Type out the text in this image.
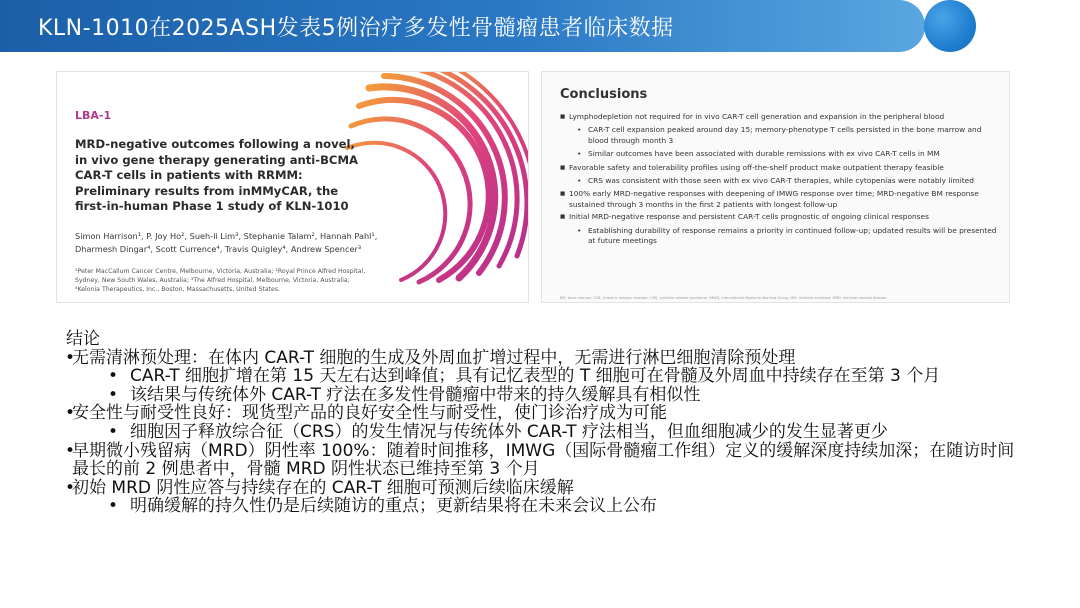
KLN-1010在2025ASH发表5例治疗多发性骨髓瘤患者临床数据
LBA-1
MRD-negative outcomes following a novel,
in vivo gene therapy generating anti-BCMA
CAR-T cells in patients with RRMM:
Preliminary results from inMMyCAR, the
first-in-human Phase 1 study of KLN-1010
Simon Harrison¹, P. Joy Ho², Sueh-li Lim³, Stephanie Talam², Hannah Pahl¹,
Dharmesh Dingar⁴, Scott Currence⁴, Travis Quigley⁴, Andrew Spencer³
¹Peter MacCallum Cancer Centre, Melbourne, Victoria, Australia; ²Royal Prince Alfred Hospital,
Sydney, New South Wales, Australia; ³The Alfred Hospital, Melbourne, Victoria, Australia;
⁴Kelonia Therapeutics, Inc., Boston, Massachusetts, United States.
Conclusions
■ Lymphodepletion not required for in vivo CAR-T cell generation and expansion in the peripheral blood
• CAR-T cell expansion peaked around day 15; memory-phenotype T cells persisted in the bone marrow and blood through month 3
• Similar outcomes have been associated with durable remissions with ex vivo CAR-T cells in MM
■ Favorable safety and tolerability profiles using off-the-shelf product make outpatient therapy feasible
• CRS was consistent with those seen with ex vivo CAR-T therapies, while cytopenias were notably limited
■ 100% early MRD-negative responses with deepening of IMWG response over time; MRD-negative BM response sustained through 3 months in the first 2 patients with longest follow-up
■ Initial MRD-negative response and persistent CAR-T cells prognostic of ongoing clinical responses
• Establishing durability of response remains a priority in continued follow-up; updated results will be presented at future meetings
BM, bone marrow; CAR, chimeric antigen receptor; CRS, cytokine release syndrome; IMWG, International Myeloma Working Group; MM, multiple myeloma; MRD, minimal residual disease.
结论
• 无需清淋预处理：在体内 CAR-T 细胞的生成及外周血扩增过程中，无需进行淋巴细胞清除预处理
• CAR-T 细胞扩增在第 15 天左右达到峰值；具有记忆表型的 T 细胞可在骨髓及外周血中持续存在至第 3 个月
• 该结果与传统体外 CAR-T 疗法在多发性骨髓瘤中带来的持久缓解具有相似性
• 安全性与耐受性良好：现货型产品的良好安全性与耐受性，使门诊治疗成为可能
• 细胞因子释放综合征（CRS）的发生情况与传统体外 CAR-T 疗法相当，但血细胞减少的发生显著更少
• 早期微小残留病（MRD）阴性率 100%：随着时间推移，IMWG（国际骨髓瘤工作组）定义的缓解深度持续加深；在随访时间最长的前 2 例患者中，骨髓 MRD 阴性状态已维持至第 3 个月
• 初始 MRD 阴性应答与持续存在的 CAR-T 细胞可预测后续临床缓解
• 明确缓解的持久性仍是后续随访的重点；更新结果将在未来会议上公布
